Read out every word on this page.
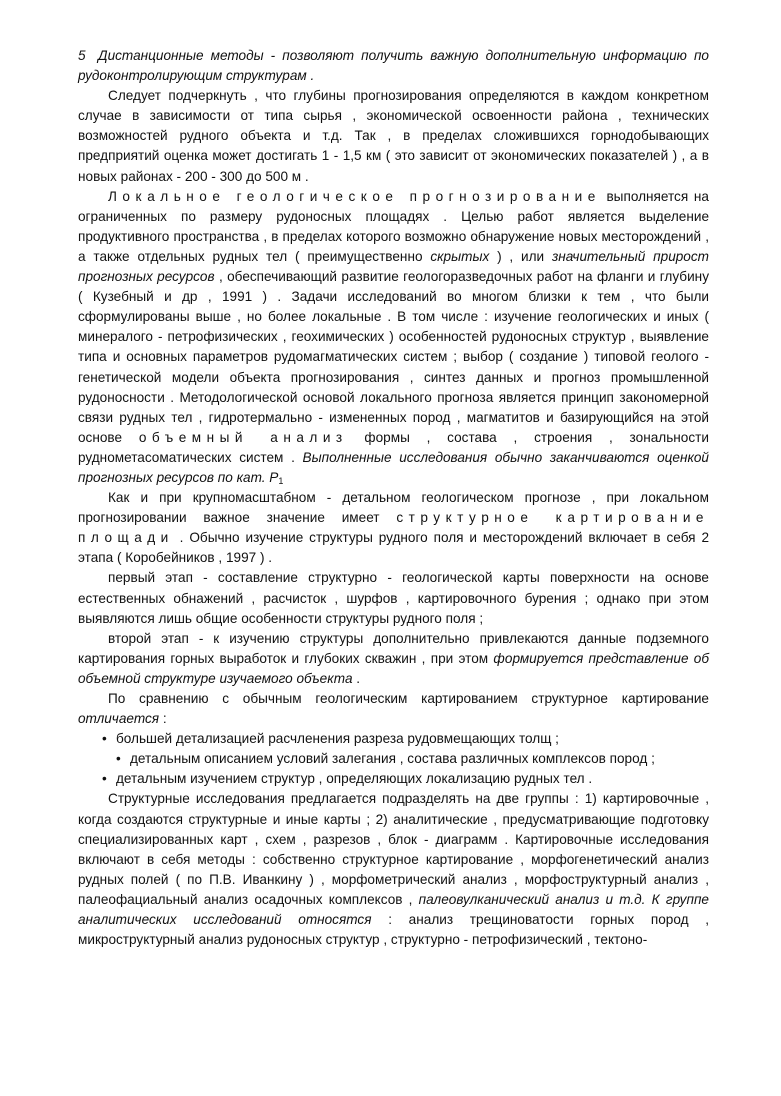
5 Дистанционные методы - позволяют получить важную дополнительную информацию по рудоконтролирующим структурам .

Следует подчеркнуть , что глубины прогнозирования определяются в каждом конкретном случае в зависимости от типа сырья , экономической освоенности района , технических возможностей рудного объекта и т.д. Так , в пределах сложившихся горнодобывающих предприятий оценка может достигать 1 - 1,5 км ( это зависит от экономических показателей ) , а в новых районах - 200 - 300 до 500 м .

Локальное геологическое прогнозирование выполняется на ограниченных по размеру рудоносных площадях . Целью работ является выделение продуктивного пространства , в пределах которого возможно обнаружение новых месторождений , а также отдельных рудных тел ( преимущественно скрытых ) , или значительный прирост прогнозных ресурсов , обеспечивающий развитие геологоразведочных работ на фланги и глубину ( Кузебный и др , 1991 ) . Задачи исследований во многом близки к тем , что были сформулированы выше , но более локальные . В том числе : изучение геологических и иных ( минералого - петрофизических , геохимических ) особенностей рудоносных структур , выявление типа и основных параметров рудомагматических систем ; выбор ( создание ) типовой геолого - генетической модели объекта прогнозирования , синтез данных и прогноз промышленной рудоносности . Методологической основой локального прогноза является принцип закономерной связи рудных тел , гидротермально - измененных пород , магматитов и базирующийся на этой основе объемный анализ формы , состава , строения , зональности руднометасоматических систем . Выполненные исследования обычно заканчиваются оценкой прогнозных ресурсов по кат. $P_1$

Как и при крупномасштабном - детальном геологическом прогнозе , при локальном прогнозировании важное значение имеет структурное картирование площади . Обычно изучение структуры рудного поля и месторождений включает в себя 2 этапа ( Коробейников , 1997 ) .

первый этап - составление структурно - геологической карты поверхности на основе естественных обнажений , расчисток , шурфов , картировочного бурения ; однако при этом выявляются лишь общие особенности структуры рудного поля ;

второй этап - к изучению структуры дополнительно привлекаются данные подземного картирования горных выработок и глубоких скважин , при этом формируется представление об объемной структуре изучаемого объекта .

По сравнению с обычным геологическим картированием структурное картирование отличается :

• большей детализацией расчленения разреза рудовмещающих толщ ;

• детальным описанием условий залегания , состава различных комплексов пород ;

• детальным изучением структур , определяющих локализацию рудных тел .

Структурные исследования предлагается подразделять на две группы : 1) картировочные , когда создаются структурные и иные карты ; 2) аналитические , предусматривающие подготовку специализированных карт , схем , разрезов , блок - диаграмм . Картировочные исследования включают в себя методы : собственно структурное картирование , морфогенетический анализ рудных полей ( по П.В. Иванкину ) , морфометрический анализ , морфоструктурный анализ , палеофациальный анализ осадочных комплексов , палеовулканический анализ и т.д. К группе аналитических исследований относятся : анализ трещиноватости горных пород , микроструктурный анализ рудоносных структур , структурно - петрофизический , тектоно-
